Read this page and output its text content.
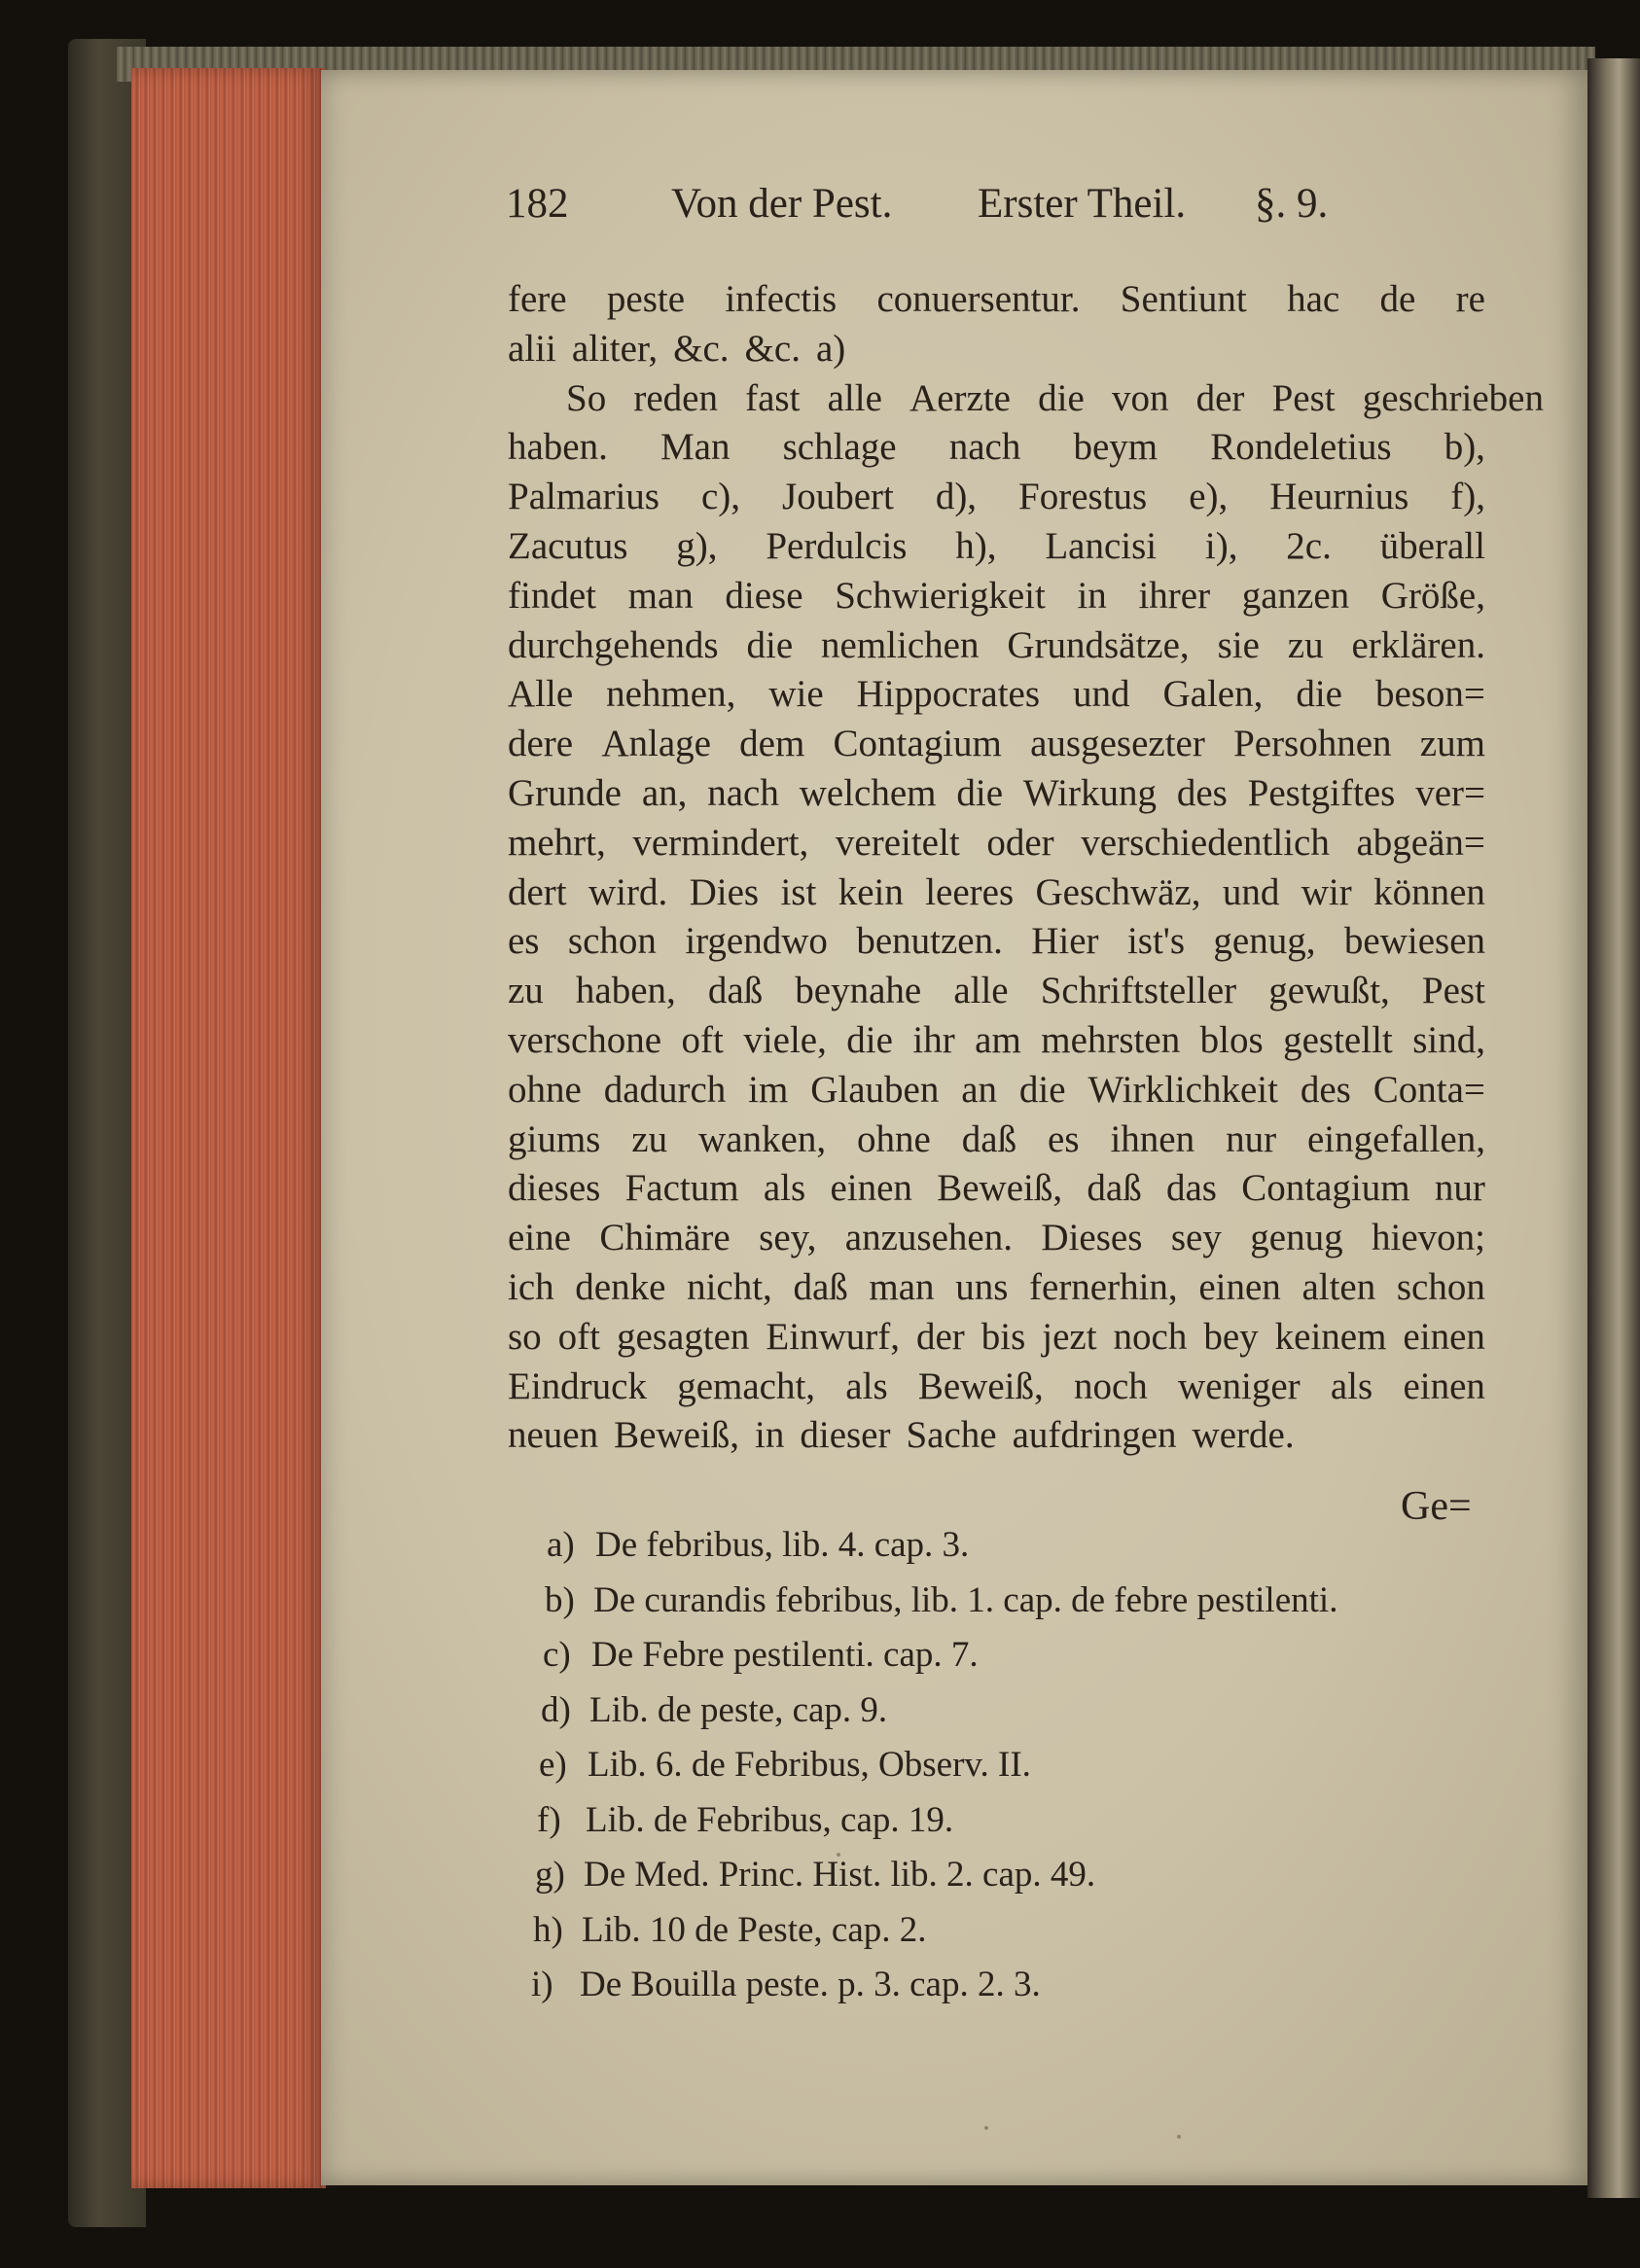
182 Von der Pest. Erster Theil. §. 9.
fere peste infectis conuersentur. Sentiunt hac de re
alii aliter, &c. &c. a)
So reden fast alle Aerzte die von der Pest geschrieben
haben. Man schlage nach beym Rondeletius b),
Palmarius c), Joubert d), Forestus e), Heurnius f),
Zacutus g), Perdulcis h), Lancisi i), 2c. überall
findet man diese Schwierigkeit in ihrer ganzen Größe,
durchgehends die nemlichen Grundsätze, sie zu erklären.
Alle nehmen, wie Hippocrates und Galen, die beson=
dere Anlage dem Contagium ausgesezter Persohnen zum
Grunde an, nach welchem die Wirkung des Pestgiftes ver=
mehrt, vermindert, vereitelt oder verschiedentlich abgeän=
dert wird. Dies ist kein leeres Geschwäz, und wir können
es schon irgendwo benutzen. Hier ist's genug, bewiesen
zu haben, daß beynahe alle Schriftsteller gewußt, Pest
verschone oft viele, die ihr am mehrsten blos gestellt sind,
ohne dadurch im Glauben an die Wirklichkeit des Conta=
giums zu wanken, ohne daß es ihnen nur eingefallen,
dieses Factum als einen Beweiß, daß das Contagium nur
eine Chimäre sey, anzusehen. Dieses sey genug hievon;
ich denke nicht, daß man uns fernerhin, einen alten schon
so oft gesagten Einwurf, der bis jezt noch bey keinem einen
Eindruck gemacht, als Beweiß, noch weniger als einen
neuen Beweiß, in dieser Sache aufdringen werde.
Ge=
a) De febribus, lib. 4. cap. 3.
b) De curandis febribus, lib. 1. cap. de febre pestilenti.
c) De Febre pestilenti. cap. 7.
d) Lib. de peste, cap. 9.
e) Lib. 6. de Febribus, Observ. II.
f) Lib. de Febribus, cap. 19.
g) De Med. Princ. Hist. lib. 2. cap. 49.
h) Lib. 10 de Peste, cap. 2.
i) De Bouilla peste. p. 3. cap. 2. 3.
